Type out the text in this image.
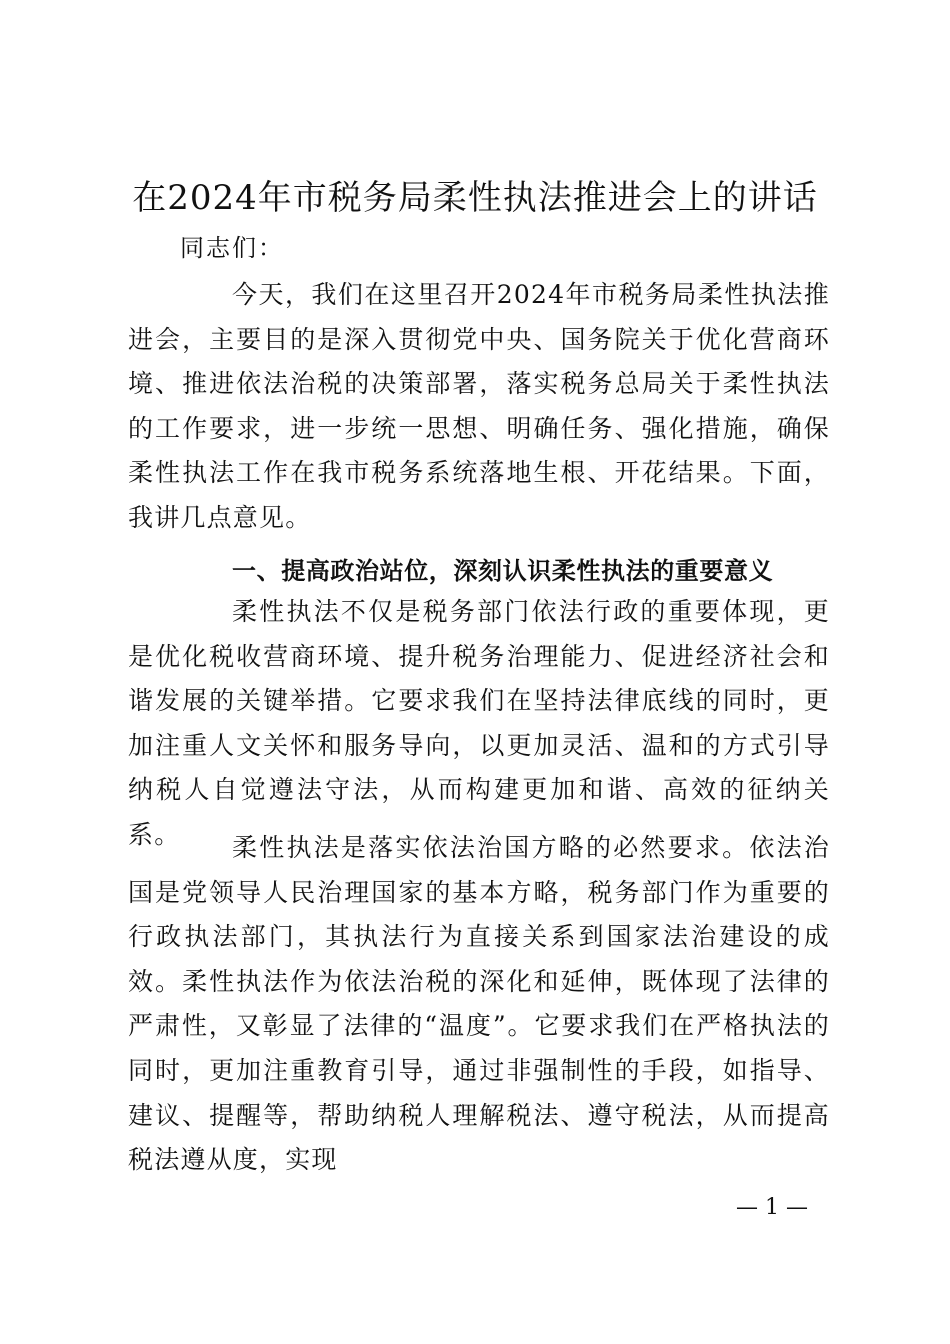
在2024年市税务局柔性执法推进会上的讲话
同志们：

今天，我们在这里召开2024年市税务局柔性执法推进会，主要目的是深入贯彻党中央、国务院关于优化营商环境、推进依法治税的决策部署，落实税务总局关于柔性执法的工作要求，进一步统一思想、明确任务、强化措施，确保柔性执法工作在我市税务系统落地生根、开花结果。下面，我讲几点意见。

一、提高政治站位，深刻认识柔性执法的重要意义

柔性执法不仅是税务部门依法行政的重要体现，更是优化税收营商环境、提升税务治理能力、促进经济社会和谐发展的关键举措。它要求我们在坚持法律底线的同时，更加注重人文关怀和服务导向，以更加灵活、温和的方式引导纳税人自觉遵法守法，从而构建更加和谐、高效的征纳关系。	柔性执法是落实依法治国方略的必然要求。依法治国是党领导人民治理国家的基本方略，税务部门作为重要的行政执法部门，其执法行为直接关系到国家法治建设的成效。柔性执法作为依法治税的深化和延伸，既体现了法律的严肃性，又彰显了法律的“温度”。它要求我们在严格执法的同时，更加注重教育引导，通过非强制性的手段，如指导、建议、提醒等，帮助纳税人理解税法、遵守税法，从而提高税法遵从度，实现

— 1 —
